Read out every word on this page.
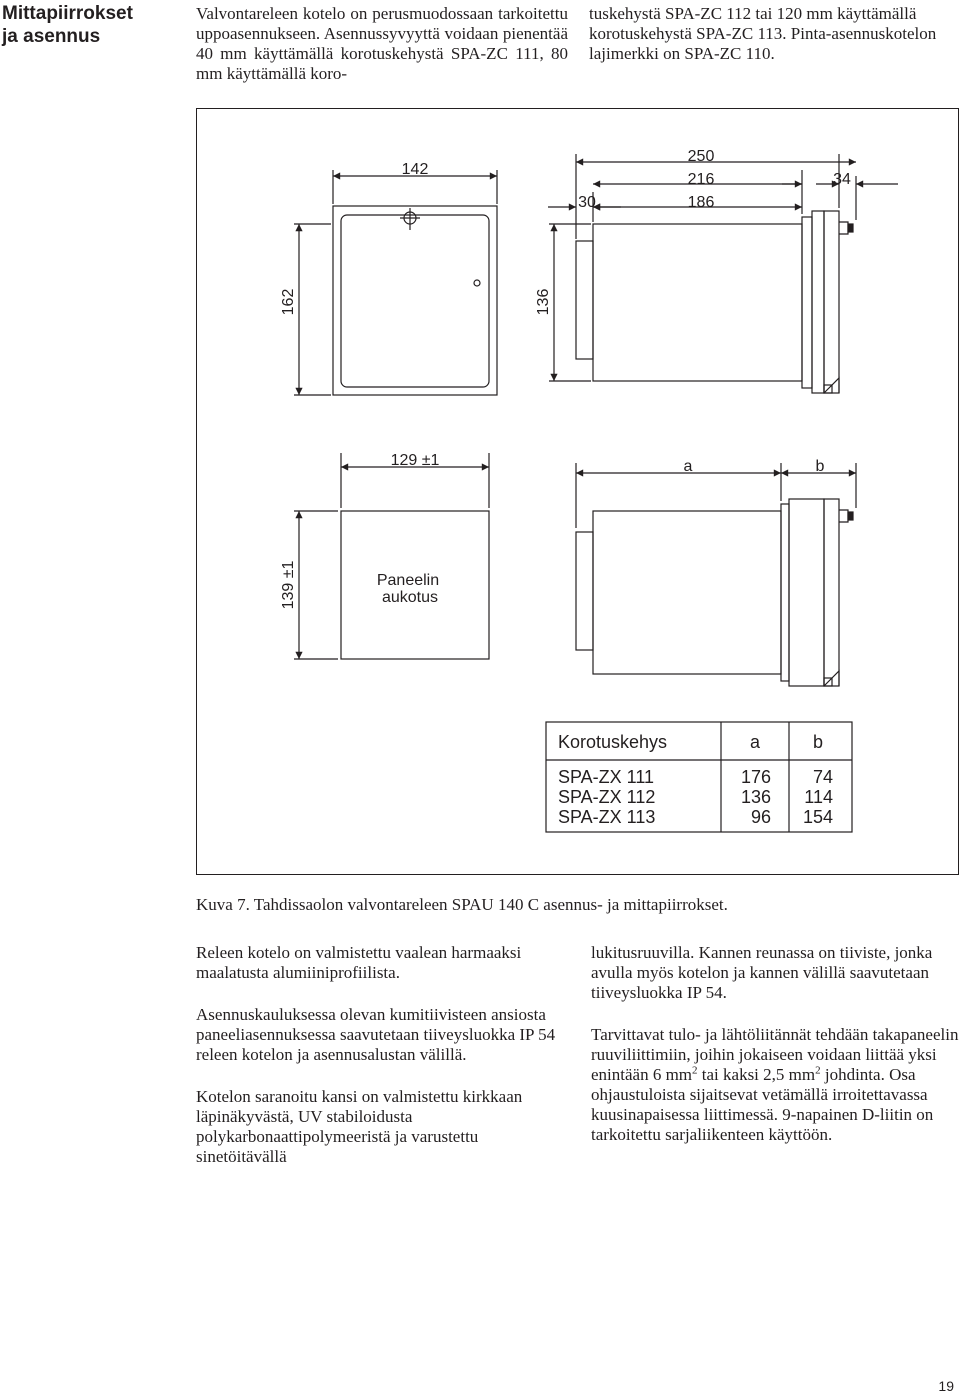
Mittapiirrokset
ja asennus

Valvontareleen kotelo on perusmuodossaan tarkoitettu uppoasennukseen. Asennussyvyyttä voidaan pienentää 40 mm käyttämällä korotuskehystä SPA-ZC 111, 80 mm käyttämällä koro-

tuskehystä SPA-ZC 112 tai 120 mm käyttämällä korotuskehystä SPA-ZC 113. Pinta-asennuskotelon lajimerkki on SPA-ZC 110.

142
250
216
186
30
34
162	136
129 ±1	a	b
139 ±1	Paneelin
aukotus
Korotuskehys	a	b
SPA-ZX 111	176 74
SPA-ZX 112	136 114
SPA-ZX 113	96 154
Kuva 7. Tahdissaolon valvontareleen SPAU 140 C asennus- ja mittapiirrokset.

Releen kotelo on valmistettu vaalean harmaaksi maalatusta alumiiniprofiilista.

Asennuskauluksessa olevan kumitiivisteen ansiosta paneeliasennuksessa saavutetaan tiiveysluokka IP 54 releen kotelon ja asennusalustan välillä.

Kotelon saranoitu kansi on valmistettu kirkkaan läpinäkyvästä, UV stabiloidusta polykarbonaattipolymeeristä ja varustettu sinetöitävällä

lukitusruuvilla. Kannen reunassa on tiiviste, jonka avulla myös kotelon ja kannen välillä saavutetaan tiiveysluokka IP 54.

Tarvittavat tulo- ja lähtöliitännät tehdään takapaneelin ruuviliittimiin, joihin jokaiseen voidaan liittää yksi enintään 6 $mm^2$ tai kaksi 2,5 $mm^2$ johdinta. Osa ohjaustuloista sijaitsevat vetämällä irroitettavassa kuusinapaisessa liittimessä. 9-napainen D-liitin on tarkoitettu sarjaliikenteen käyttöön.

19
